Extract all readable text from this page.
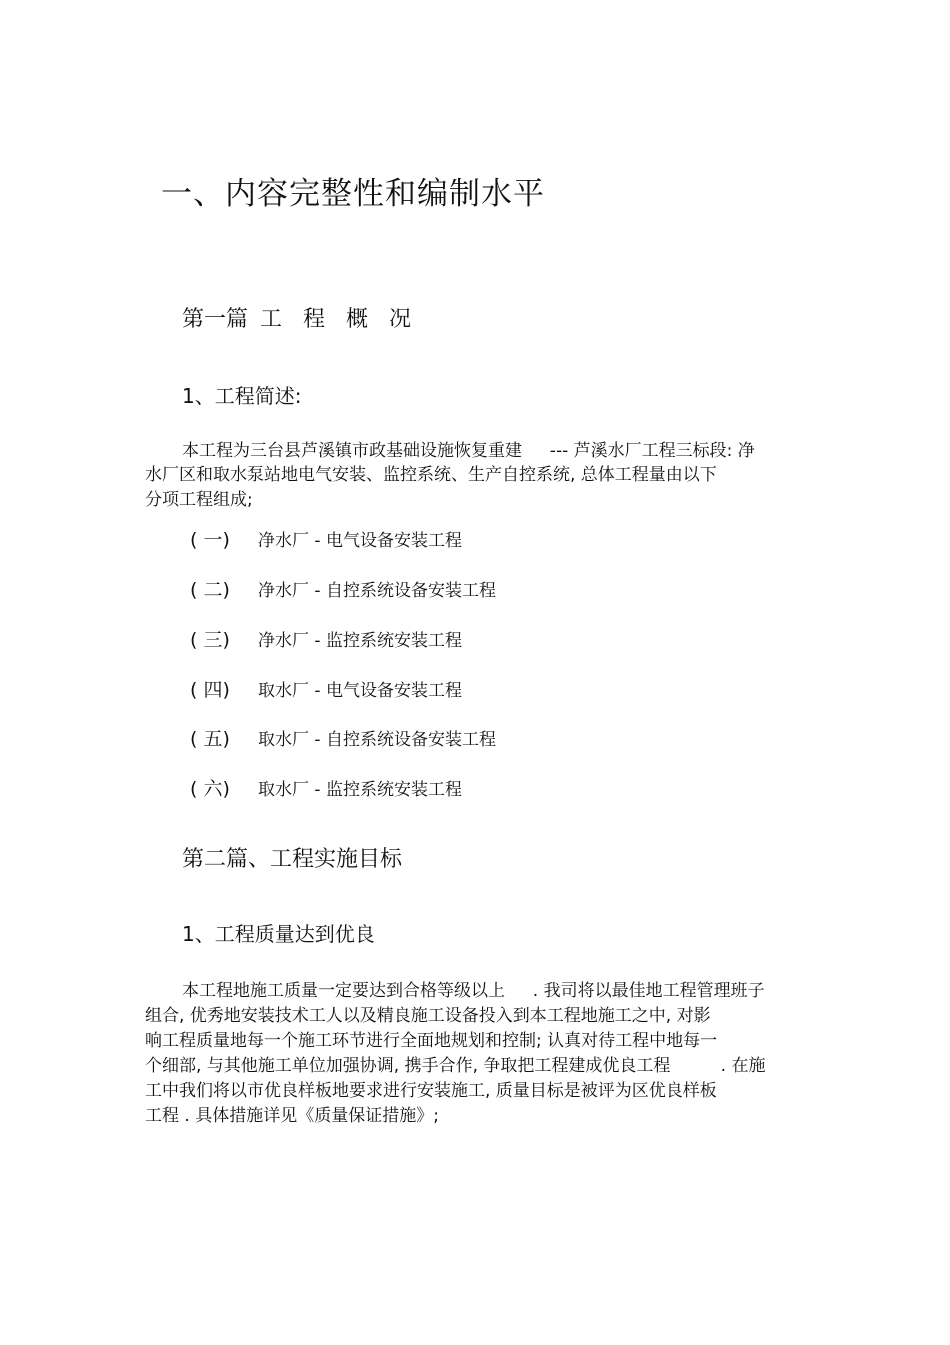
一、内容完整性和编制水平
第一篇 工 程 概 况
1、工程简述:
本工程为三台县芦溪镇市政基础设施恢复重建 　 --- 芦溪水厂工程三标段: 净
水厂区和取水泵站地电气安装、监控系统、生产自控系统, 总体工程量由以下
分项工程组成;
( 一) 净水厂 - 电气设备安装工程
( 二) 净水厂 - 自控系统设备安装工程
( 三) 净水厂 - 监控系统安装工程
( 四) 取水厂 - 电气设备安装工程
( 五) 取水厂 - 自控系统设备安装工程
( 六) 取水厂 - 监控系统安装工程
第二篇、工程实施目标
1、工程质量达到优良
本工程地施工质量一定要达到合格等级以上 　 . 我司将以最佳地工程管理班子
组合, 优秀地安装技术工人以及精良施工设备投入到本工程地施工之中, 对影
响工程质量地每一个施工环节进行全面地规划和控制; 认真对待工程中地每一
个细部, 与其他施工单位加强协调, 携手合作, 争取把工程建成优良工程 　 　 . 在施
工中我们将以市优良样板地要求进行安装施工, 质量目标是被评为区优良样板
工程 . 具体措施详见《质量保证措施》;
